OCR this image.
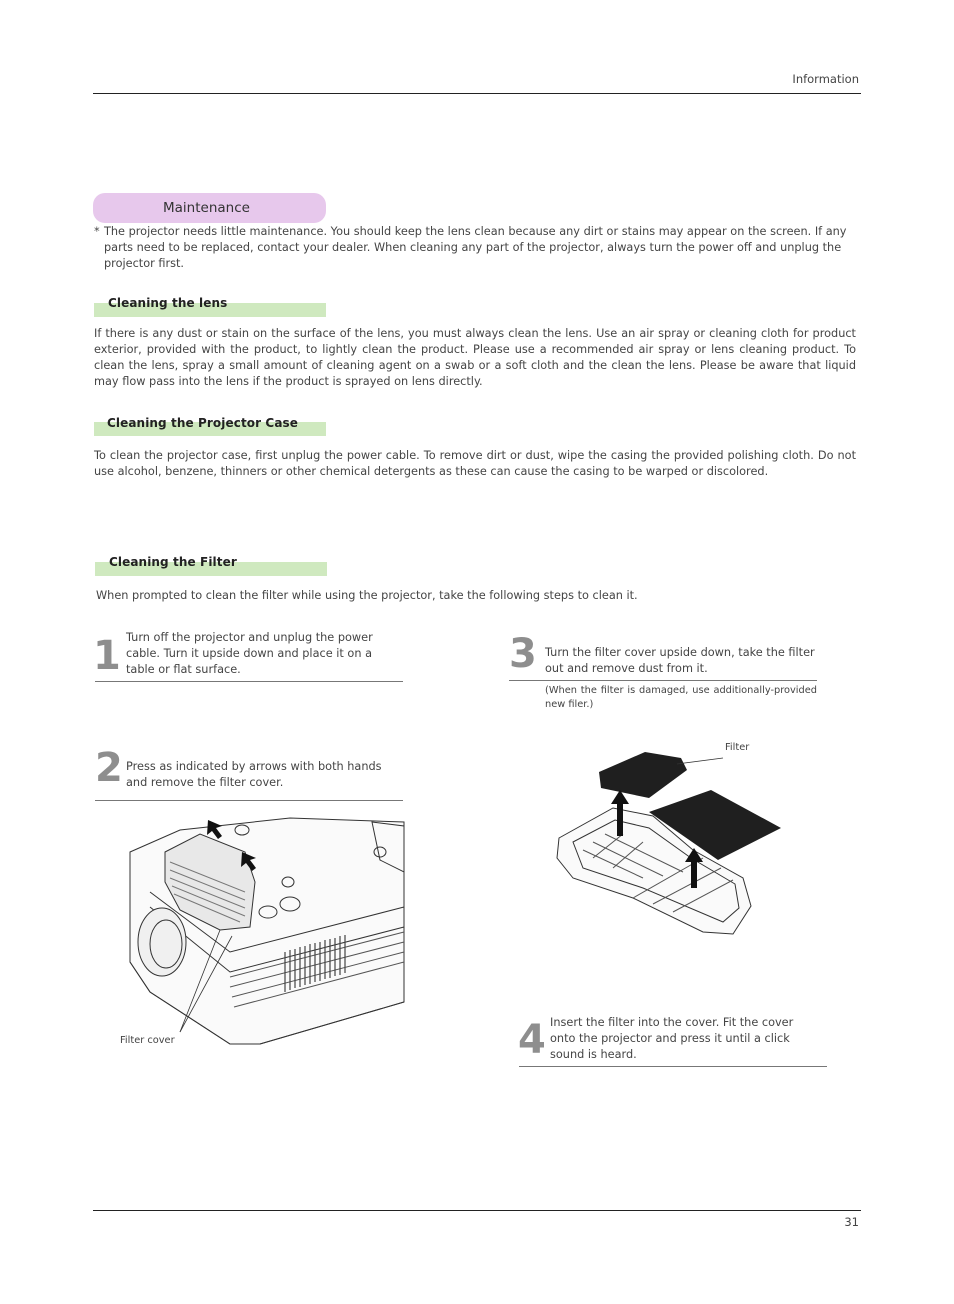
Information
Maintenance
* The projector needs little maintenance. You should keep the lens clean because any dirt or stains may appear on the screen. If any parts need to be replaced, contact your dealer. When cleaning any part of the projector, always turn the power off and unplug the projector first.
Cleaning the lens
If there is any dust or stain on the surface of the lens, you must always clean the lens. Use an air spray or cleaning cloth for product exterior, provided with the product, to lightly clean the product. Please use a recommended air spray or lens cleaning product. To clean the lens, spray a small amount of cleaning agent on a swab or a soft cloth and the clean the lens. Please be aware that liquid may flow pass into the lens if the product is sprayed on lens directly.
Cleaning the Projector Case
To clean the projector case, first unplug the power cable. To remove dirt or dust, wipe the casing the provided polishing cloth. Do not use alcohol, benzene, thinners or other chemical detergents as these can cause the casing to be warped or discolored.
Cleaning the Filter
When prompted to clean the filter while using the projector, take the following steps to clean it.
1 Turn off the projector and unplug the power cable. Turn it upside down and place it on a table or flat surface.
2 Press as indicated by arrows with both hands and remove the filter cover.
3 Turn the filter cover upside down, take the filter out and remove dust from it.
(When the filter is damaged, use additionally-provided new filer.)
4 Insert the filter into the cover. Fit the cover onto the projector and press it until a click sound is heard.
Filter cover
Filter
31
